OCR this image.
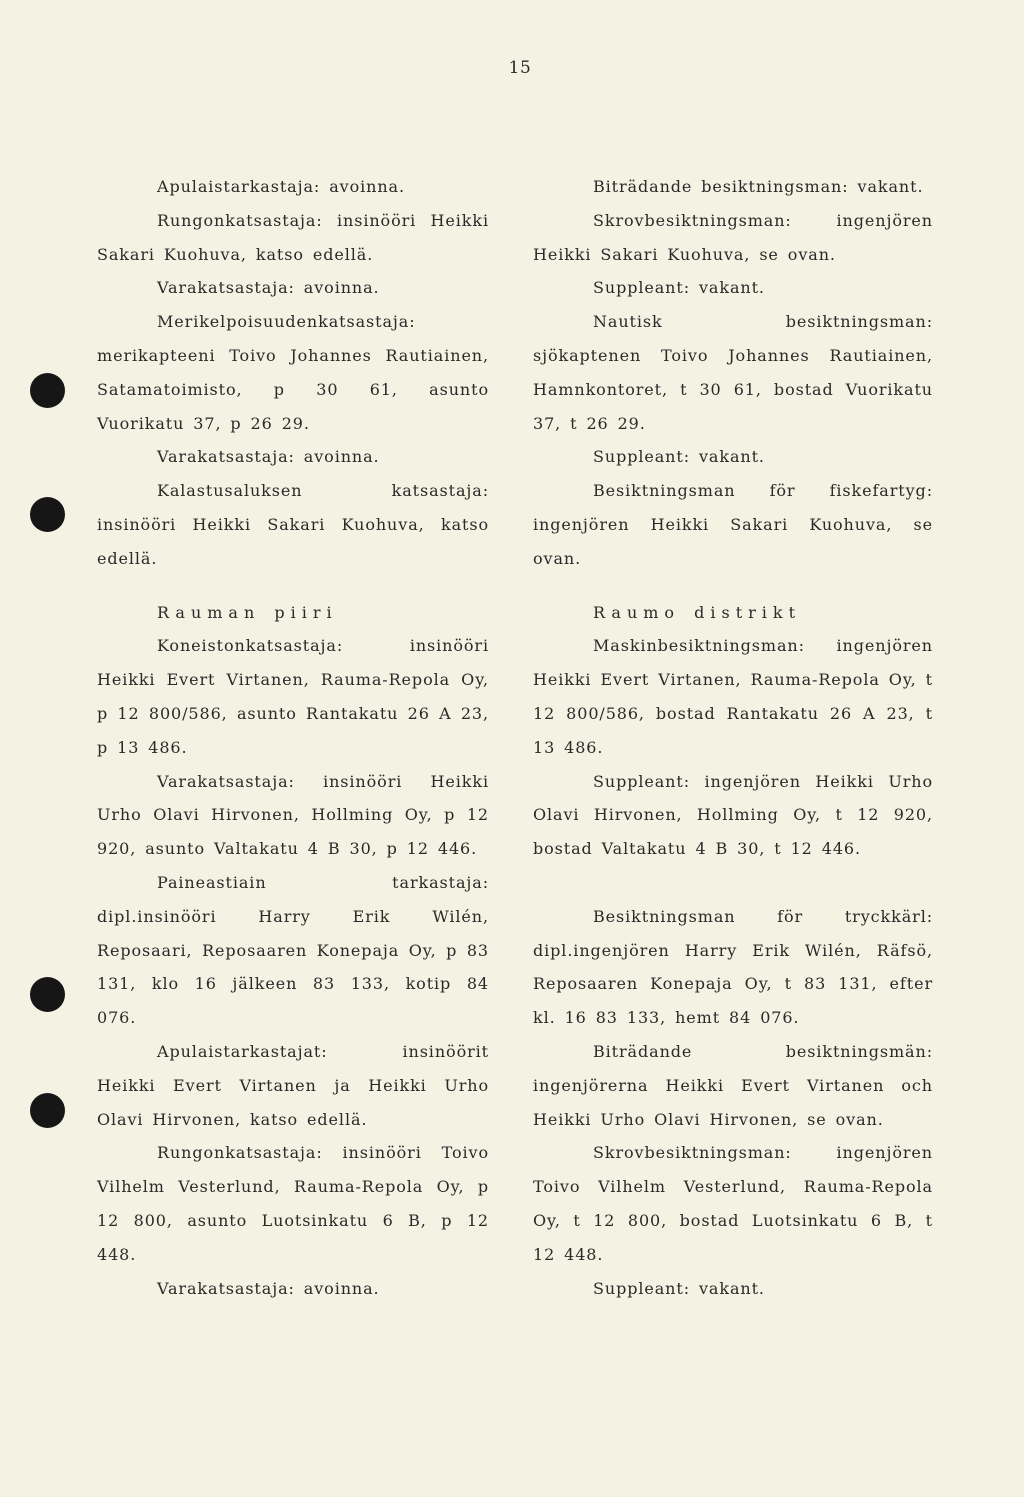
15

Apulaistarkastaja: avoinna.

Rungonkatsastaja: insinööri Heikki Sakari Kuohuva, katso edellä.

Varakatsastaja: avoinna.

Merikelpoisuudenkatsastaja: merikapteeni Toivo Johannes Rautiainen, Satamatoimisto, p 30 61, asunto Vuorikatu 37, p 26 29.

Varakatsastaja: avoinna.

Kalastusaluksen katsastaja: insinööri Heikki Sakari Kuohuva, katso edellä.

Rauman piiri

Koneistonkatsastaja: insinööri Heikki Evert Virtanen, Rauma-Repola Oy, p 12 800/586, asunto Rantakatu 26 A 23, p 13 486.

Varakatsastaja: insinööri Heikki Urho Olavi Hirvonen, Hollming Oy, p 12 920, asunto Valtakatu 4 B 30, p 12 446.

Paineastiain tarkastaja: dipl.insinööri Harry Erik Wilén, Reposaari, Reposaaren Konepaja Oy, p 83 131, klo 16 jälkeen 83 133, kotip 84 076.

Apulaistarkastajat: insinöörit Heikki Evert Virtanen ja Heikki Urho Olavi Hirvonen, katso edellä.

Rungonkatsastaja: insinööri Toivo Vilhelm Vesterlund, Rauma-Repola Oy, p 12 800, asunto Luotsinkatu 6 B, p 12 448.

Varakatsastaja: avoinna.

Biträdande besiktningsman: vakant.

Skrovbesiktningsman: ingenjören Heikki Sakari Kuohuva, se ovan.

Suppleant: vakant.

Nautisk besiktningsman: sjökaptenen Toivo Johannes Rautiainen, Hamnkontoret, t 30 61, bostad Vuorikatu 37, t 26 29.

Suppleant: vakant.

Besiktningsman för fiskefartyg: ingenjören Heikki Sakari Kuohuva, se ovan.

Raumo distrikt

Maskinbesiktningsman: ingenjören Heikki Evert Virtanen, Rauma-Repola Oy, t 12 800/586, bostad Rantakatu 26 A 23, t 13 486.

Suppleant: ingenjören Heikki Urho Olavi Hirvonen, Hollming Oy, t 12 920, bostad Valtakatu 4 B 30, t 12 446.

Besiktningsman för tryckkärl: dipl.ingenjören Harry Erik Wilén, Räfsö, Reposaaren Konepaja Oy, t 83 131, efter kl. 16 83 133, hemt 84 076.

Biträdande besiktningsmän: ingenjörerna Heikki Evert Virtanen och Heikki Urho Olavi Hirvonen, se ovan.

Skrovbesiktningsman: ingenjören Toivo Vilhelm Vesterlund, Rauma-Repola Oy, t 12 800, bostad Luotsinkatu 6 B, t 12 448.

Suppleant: vakant.
